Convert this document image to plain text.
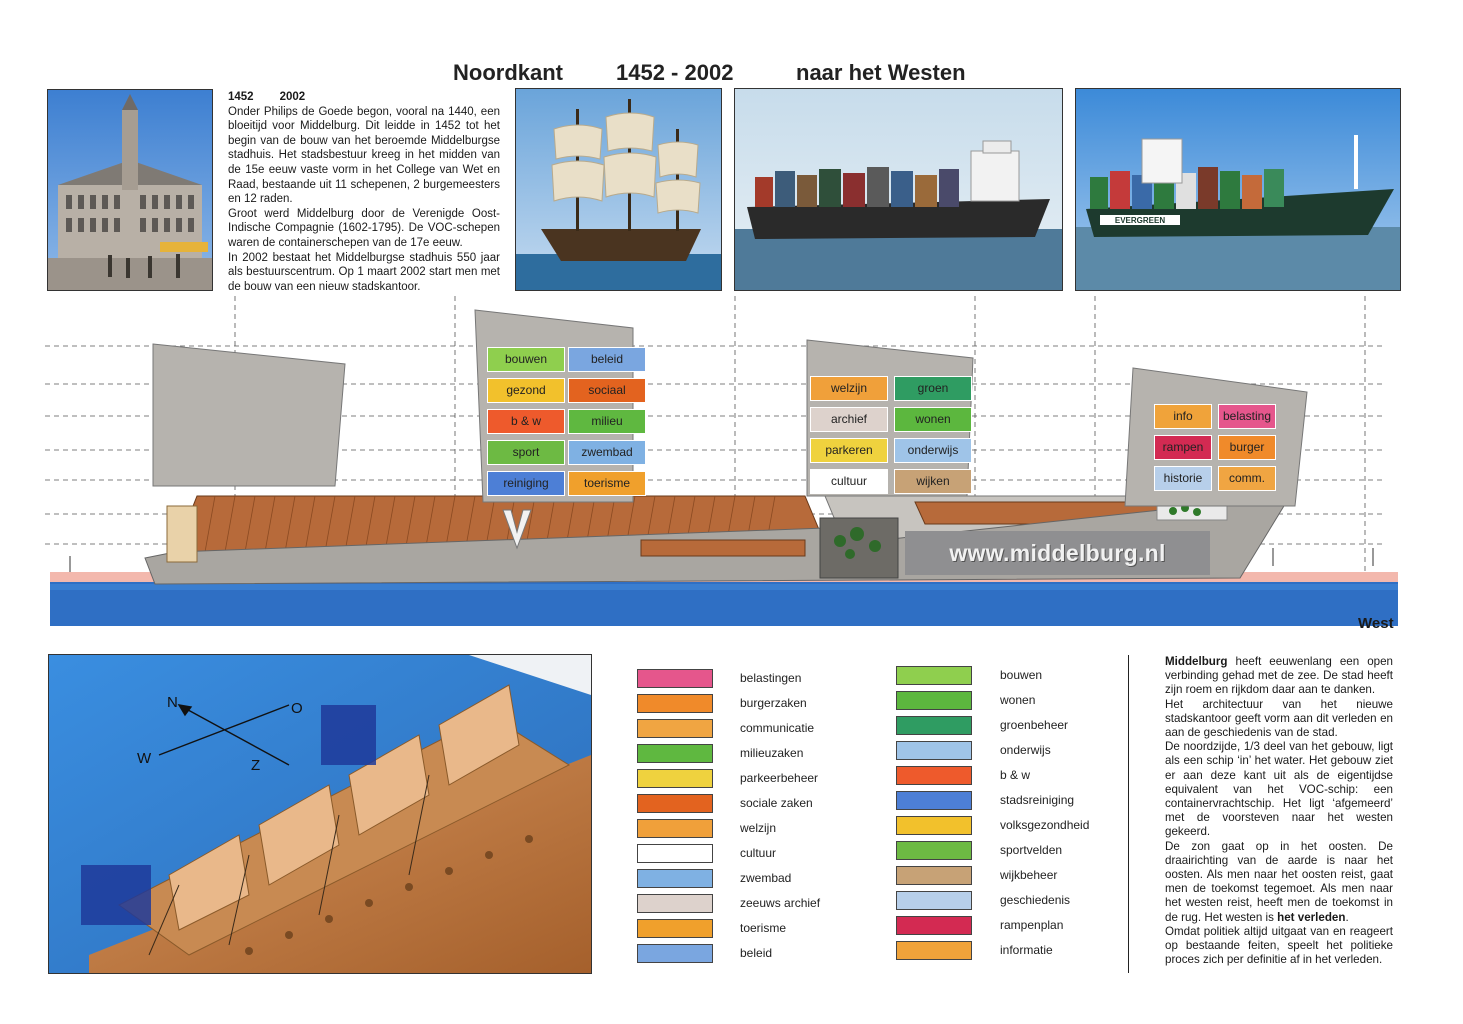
Noordkant 1452 - 2002	naar het Westen
1452 2002

Onder Philips de Goede begon, vooral na 1440, een bloeitijd voor Middelburg. Dit leidde in 1452 tot het begin van de bouw van het beroemde Middelburgse stadhuis. Het stadsbestuur kreeg in het midden van de 15e eeuw vaste vorm in het College van Wet en Raad, bestaande uit 11 schepenen, 2 burgemeesters en 12 raden.

Groot werd Middelburg door de Verenigde Oost-Indische Compagnie (1602-1795). De VOC-schepen waren de containerschepen van de 17e eeuw.

In 2002 bestaat het Middelburgse stadhuis 550 jaar als bestuurscentrum. Op 1 maart 2002 start men met de bouw van een nieuw stadskantoor.

EVERGREEN
bouwen	beleid
gezond	sociaal
b & w	milieu
sport	zwembad
reiniging	toerisme
welzijn	groen
archief	wonen
parkeren	onderwijs
cultuur	wijken
info	belasting
rampen	burger
historie	comm.
www.middelburg.nl
West
N	O
W	Z
belastingen
burgerzaken
communicatie
milieuzaken
parkeerbeheer
sociale zaken
welzijn
cultuur
zwembad
zeeuws archief
toerisme
beleid
bouwen
wonen
groenbeheer
onderwijs
b & w
stadsreiniging
volksgezondheid
sportvelden
wijkbeheer
geschiedenis
rampenplan
informatie

Middelburg heeft eeuwenlang een open verbinding gehad met de zee. De stad heeft zijn roem en rijkdom daar aan te danken.

Het architectuur van het nieuwe stadskantoor geeft vorm aan dit verleden en aan de geschiedenis van de stad.

De noordzijde, 1/3 deel van het gebouw, ligt als een schip ‘in’ het water. Het gebouw ziet er aan deze kant uit als de eigentijdse equivalent van het VOC-schip: een containervrachtschip. Het ligt ‘afgemeerd’ met de voorsteven naar het westen gekeerd.

De zon gaat op in het oosten. De draairichting van de aarde is naar het oosten. Als men naar het oosten reist, gaat men de toekomst tegemoet. Als men naar het westen reist, heeft men de toekomst in de rug. Het westen is het verleden.

Omdat politiek altijd uitgaat van en reageert op bestaande feiten, speelt het politieke proces zich per definitie af in het verleden.
